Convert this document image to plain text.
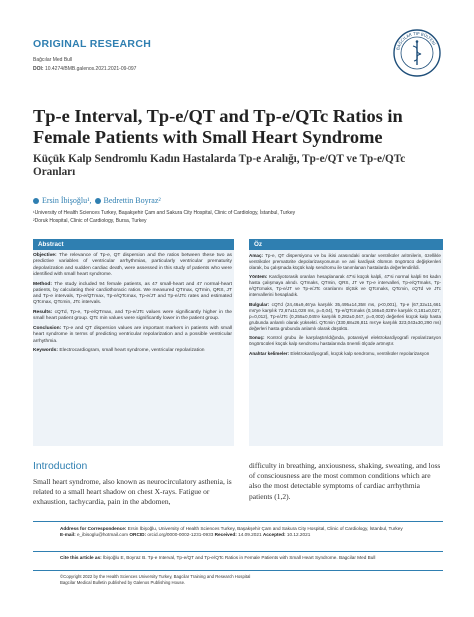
ORIGINAL RESEARCH
Bağcılar Med Bull
DOI: 10.4274/BMB.galenos.2021.2021-09-097
BAĞCILAR TIP BÜLTENİ
Tp-e Interval, Tp-e/QT and Tp-e/QTc Ratios in Female Patients with Small Heart Syndrome
Küçük Kalp Sendromlu Kadın Hastalarda Tp-e Aralığı, Tp-e/QT ve Tp-e/QTc Oranları
Ersin İbişoğlu¹, Bedrettin Boyraz²
¹University of Health Sciences Turkey, Başakşehir Çam and Sakura City Hospital, Clinic of Cardiology, İstanbul, Turkey
²Doruk Hospital, Clinic of Cardiology, Bursa, Turkey
Abstract

Objective: The relevance of Tp-e, QT dispersion and the ratios between these two as predictive variables of ventricular arrhythmias, particularly ventricular prematurity depolarization and sudden cardiac death, were assessed in this study of patients who were identified with small heart syndrome.

Method: The study included 94 female patients, as 47 small-heart and 47 normal-heart patients, by calculating their cardiothoracic ratios. We measured QTmax, QTmin, QRS, JT and Tp-e intervals, Tp-e/QTmax, Tp-e/QTcmax, Tp-e/JT and Tp-e/JTc rates and estimated QTcmax, QTcmin, JTc intervals.

Results: cQTd, Tp-e, Tp-e/QTmax, and Tp-e/JTc values were significantly higher in the small heart patient group. QTc min values were significantly lower in the patient group.

Conclusion: Tp-e and QT dispersion values are important markers in patients with small heart syndrome in terms of predicting ventricular repolarization and a possible ventricular arrhythmia.

Keywords: Electrocardiogram, small heart syndrome, ventricular repolarization

Öz

Amaç: Tp-e, QT dispersiyonu ve bu ikisi arasındaki oranlar ventriküler aritmilerin, özellikle ventriküler prematürite depolarizasyonunun ve ani kardiyak ölümün öngörücü değişkenleri olarak, bu çalışmada küçük kalp sendromu ile tanımlanan hastalarda değerlendirildi.

Yöntem: Kardiyotorasik oranları hesaplanarak 47'si küçük kalpli, 47'si normal kalpli 94 kadın hasta çalışmaya alındı. QTmaks, QTmin, QRS, JT ve Tp-e intervalleri, Tp-e/QTmaks, Tp-e/QTcmaks, Tp-e/JT ve Tp-e/JTc oranlarını ölçtük ve QTcmaks, QTcmin, cQTd ve JTc intervallerini hesapladık.

Bulgular: cQTd (24,46±9,46'ya karşılık 35,495±14,358 ms, p<0,001), Tp-e (67,32±11,661 ms'ye karşılık 72,67±11,028 ms, p=0,04), Tp-e/QTcmaks (0,166±0,028'e karşılık 0,181±0,027, p=0,012), Tp-e/JTc (0,255±0,045'e karşılık 0,282±0,047, p=0,002) değerleri küçük kalp hasta grubunda anlamlı olarak yüksekti. QTcmin (330,68±26,811 ms'ye karşılık 323,043±30,290 ms) değerleri hasta grubunda anlamlı olarak düşüktü.

Sonuç: Kontrol grubu ile karşılaştırıldığında, potansiyel elektrokardiyografi repolarizasyon öngörücüleri küçük kalp sendromu hastalarında önemli ölçüde artmıştır.

Anahtar kelimeler: Elektrokardiyografi, küçük kalp sendromu, ventriküler repolarizasyon

Introduction
Small heart syndrome, also known as neurocirculatory asthenia, is related to a small heart shadow on chest X-rays. Fatigue or exhaustion, tachycardia, pain in the abdomen,
difficulty in breathing, anxiousness, shaking, sweating, and loss of consciousness are the most common conditions which are also the most detectable symptoms of cardiac arrhythmia patients (1,2).
Address for Correspondence: Ersin İbişoğlu, University of Health Sciences Turkey, Başakşehir Çam and Sakura City Hospital, Clinic of Cardiology, İstanbul, Turkey
E-mail: e_ibisoglu@hotmail.com ORCID: orcid.org/0000-0002-1231-0933 Received: 14.09.2021 Accepted: 10.12.2021
Cite this article as: İbişoğlu E, Boyraz B. Tp-e Interval, Tp-e/QT and Tp-e/QTc Ratios in Female Patients with Small Heart Syndrome. Bagcilar Med Bull
©Copyright 2022 by the Health Sciences University Turkey, Bagcilar Training and Research Hospital
Bagcilar Medical Bulletin published by Galenos Publishing House.
